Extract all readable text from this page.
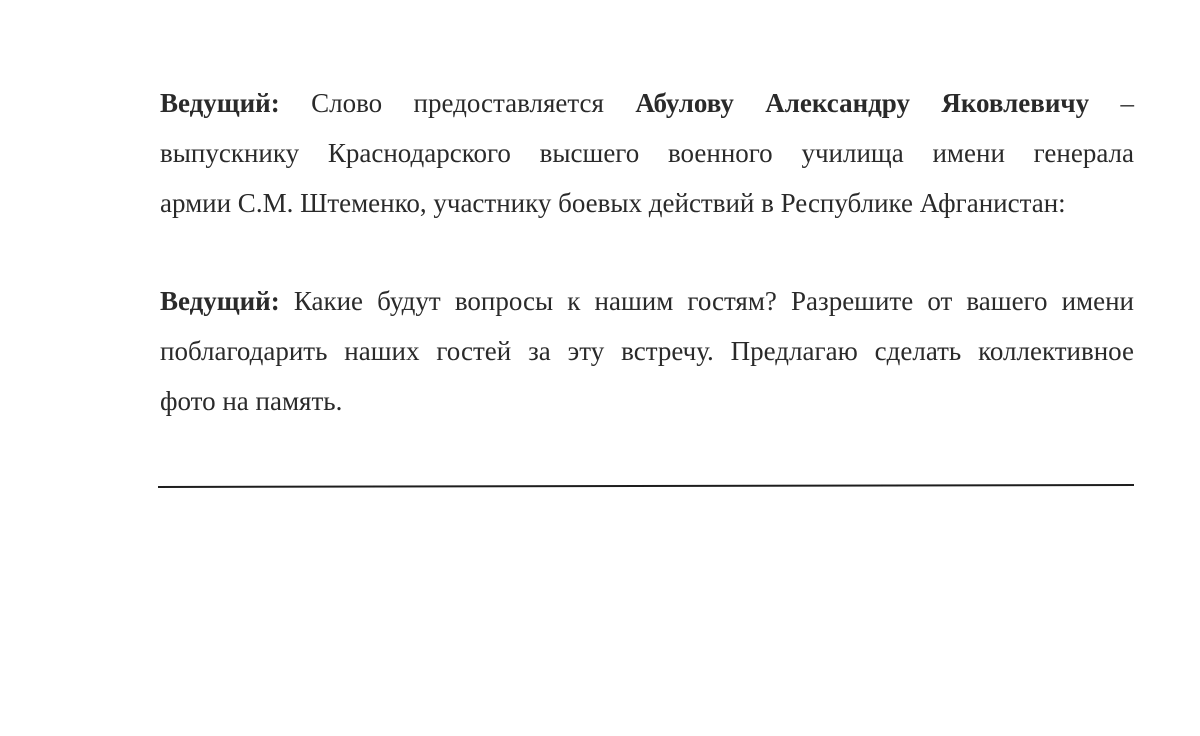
Ведущий: Слово предоставляется Абулову Александру Яковлевичу –
выпускнику Краснодарского высшего военного училища имени генерала
армии С.М. Штеменко, участнику боевых действий в Республике Афганистан:

Ведущий: Какие будут вопросы к нашим гостям? Разрешите от вашего имени
поблагодарить наших гостей за эту встречу. Предлагаю сделать коллективное
фото на память.
